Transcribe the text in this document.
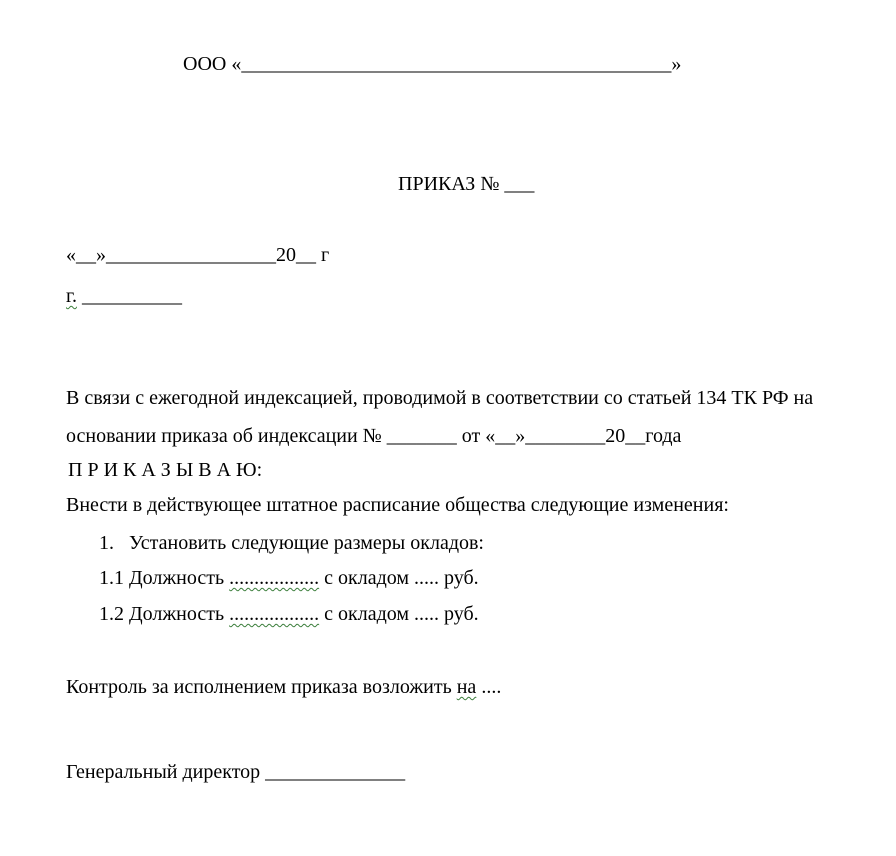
ООО «___________________________________________»
ПРИКАЗ № ___
«__»_________________20__ г
г. __________
В связи с ежегодной индексацией, проводимой в соответствии со статьей 134 ТК РФ на
основании приказа об индексации № _______ от «__»________20__года
П Р И К А З Ы В А Ю:
Внести в действующее штатное расписание общества следующие изменения:
1.   Установить следующие размеры окладов:
1.1 Должность .................. с окладом ..... руб.
1.2 Должность .................. с окладом ..... руб.
Контроль за исполнением приказа возложить на ....
Генеральный директор ______________
